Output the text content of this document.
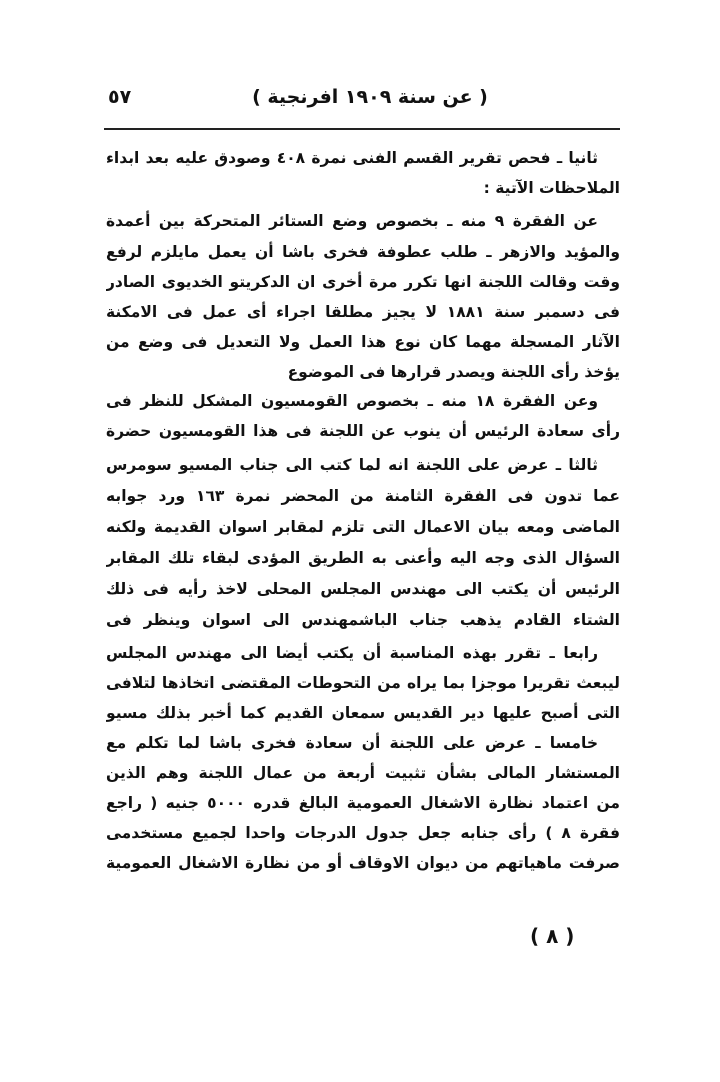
( عن سنة ١٩٠٩ افرنجية )
٥٧
ثانيا ـ فحص تقرير القسم الفنى نمرة ٤٠٨ وصودق عليه بعد ابداء
الملاحظات الآتية :
عن الفقرة ٩ منه ـ بخصوص وضع الستائر المتحركة بين أعمدة
والمؤيد والازهر ـ طلب عطوفة فخرى باشا أن يعمل مايلزم لرفع
وقت وقالت اللجنة انها تكرر مرة أخرى ان الدكريتو الخديوى الصادر
فى دسمبر سنة ١٨٨١ لا يجيز مطلقا اجراء أى عمل فى الامكنة
الآثار المسجلة مهما كان نوع هذا العمل ولا التعديل فى وضع من
يؤخذ رأى اللجنة ويصدر قرارها فى الموضوع
وعن الفقرة ١٨ منه ـ بخصوص القومسيون المشكل للنظر فى
رأى سعادة الرئيس أن ينوب عن اللجنة فى هذا القومسيون حضرة
ثالثا ـ عرض على اللجنة انه لما كتب الى جناب المسيو سومرس
عما تدون فى الفقرة الثامنة من المحضر نمرة ١٦٣ ورد جوابه
الماضى ومعه بيان الاعمال التى تلزم لمقابر اسوان القديمة ولكنه
السؤال الذى وجه اليه وأعنى به الطريق المؤدى لبقاء تلك المقابر
الرئيس أن يكتب الى مهندس المجلس المحلى لاخذ رأيه فى ذلك
الشتاء القادم يذهب جناب الباشمهندس الى اسوان وينظر فى
رابعا ـ تقرر بهذه المناسبة أن يكتب أيضا الى مهندس المجلس
ليبعث تقريرا موجزا بما يراه من التحوطات المقتضى اتخاذها لتلافى
التى أصبح عليها دير القديس سمعان القديم كما أخبر بذلك مسيو
خامسا ـ عرض على اللجنة أن سعادة فخرى باشا لما تكلم مع
المستشار المالى بشأن تثبيت أربعة من عمال اللجنة وهم الذين
من اعتماد نظارة الاشغال العمومية البالغ قدره ٥٠٠٠ جنيه ( راجع
فقرة ٨ ) رأى جنابه جعل جدول الدرجات واحدا لجميع مستخدمى
صرفت ماهياتهم من ديوان الاوقاف أو من نظارة الاشغال العمومية
( ٨ )
